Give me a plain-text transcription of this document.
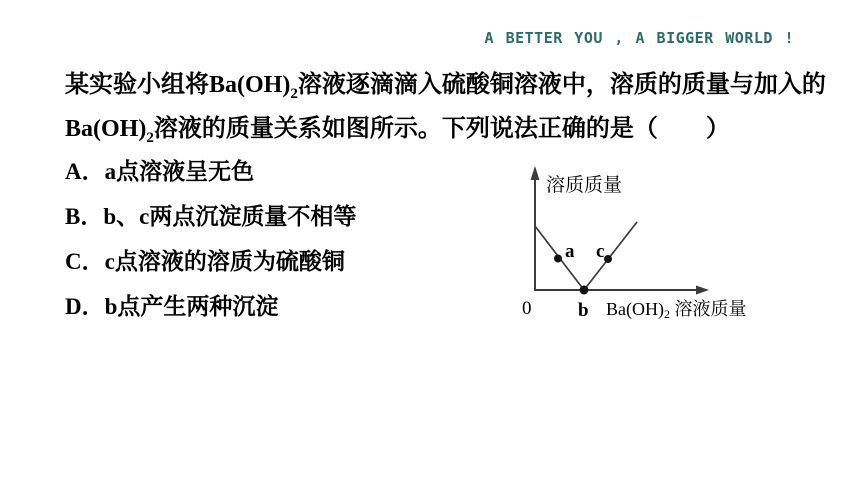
A BETTER YOU , A BIGGER WORLD !
某实验小组将$Ba(OH)_2$溶液逐滴滴入硫酸铜溶液中，溶质的质量与加入的
$Ba(OH)_2$溶液的质量关系如图所示。下列说法正确的是（　　）
A．a点溶液呈无色
B．b、c两点沉淀质量不相等
C．c点溶液的溶质为硫酸铜
D．b点产生两种沉淀
a c
b
0
溶质质量
Ba(OH)2 溶液质量
